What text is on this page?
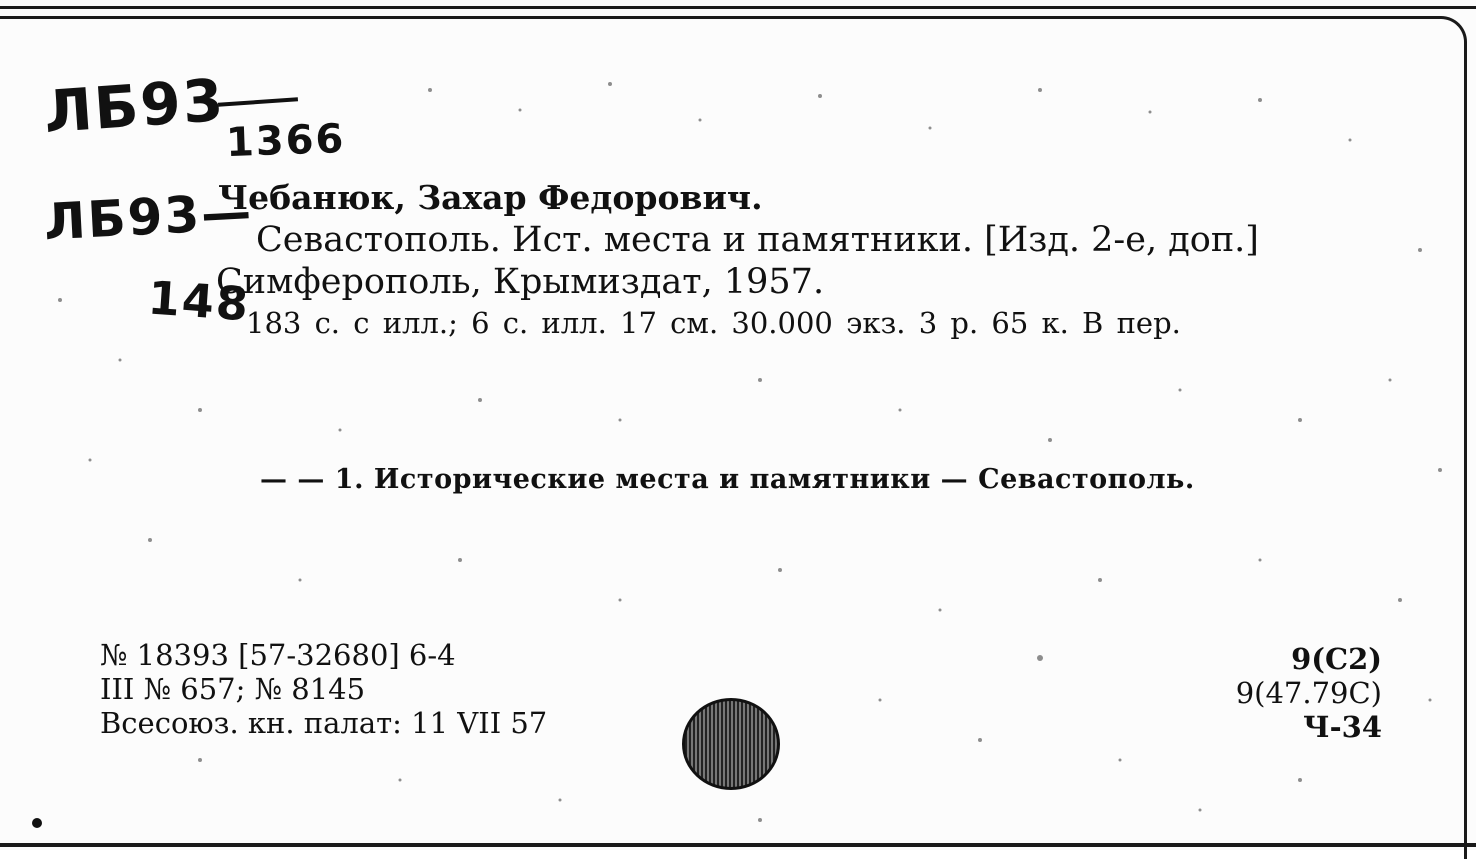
ЛБ93
1366
ЛБ93—
148
Чебанюк, Захар Федорович.
Севастополь. Ист. места и памятники. [Изд. 2-е, доп.]
Симферополь, Крымиздат, 1957.
183 с. с илл.; 6 с. илл. 17 см. 30.000 экз. 3 р. 65 к. В пер.
— — 1. Исторические места и памятники — Севастополь.
№ 18393 [57-32680] 6-4
III № 657; № 8145
Всесоюз. кн. палат: 11 VII 57
9(С2)
9(47.79С)
Ч-34
